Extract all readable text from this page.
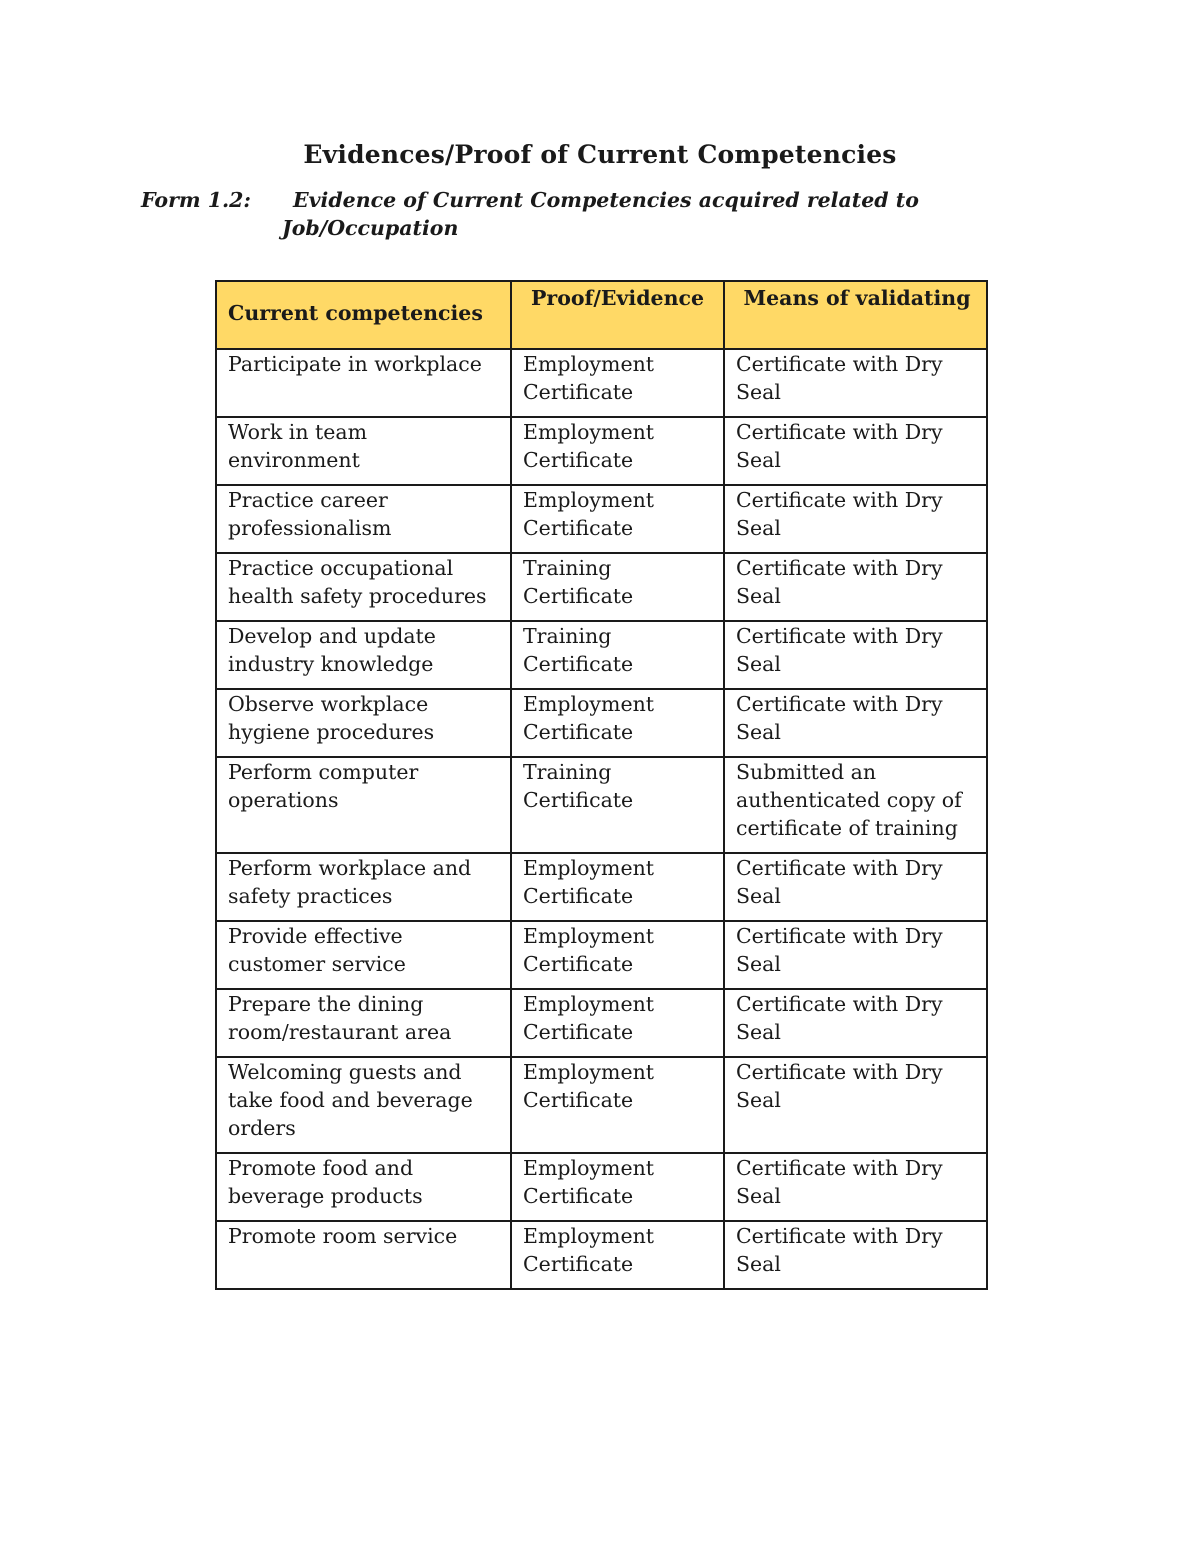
Evidences/Proof of Current Competencies
Form 1.2: Evidence of Current Competencies acquired related to
Job/Occupation
Current competencies	Proof/Evidence	Means of validating
Participate in workplace	Employment Certificate	Certificate with Dry Seal
Work in team environment	Employment Certificate	Certificate with Dry Seal
Practice career professionalism	Employment Certificate	Certificate with Dry Seal
Practice occupational health safety procedures	Training Certificate	Certificate with Dry Seal
Develop and update industry knowledge	Training Certificate	Certificate with Dry Seal
Observe workplace hygiene procedures	Employment Certificate	Certificate with Dry Seal
Perform computer operations	Training Certificate	Submitted an authenticated copy of certificate of training
Perform workplace and safety practices	Employment Certificate	Certificate with Dry Seal
Provide effective customer service	Employment Certificate	Certificate with Dry Seal
Prepare the dining room/restaurant area	Employment Certificate	Certificate with Dry Seal
Welcoming guests and take food and beverage orders	Employment Certificate	Certificate with Dry Seal
Promote food and beverage products	Employment Certificate	Certificate with Dry Seal
Promote room service	Employment Certificate	Certificate with Dry Seal
